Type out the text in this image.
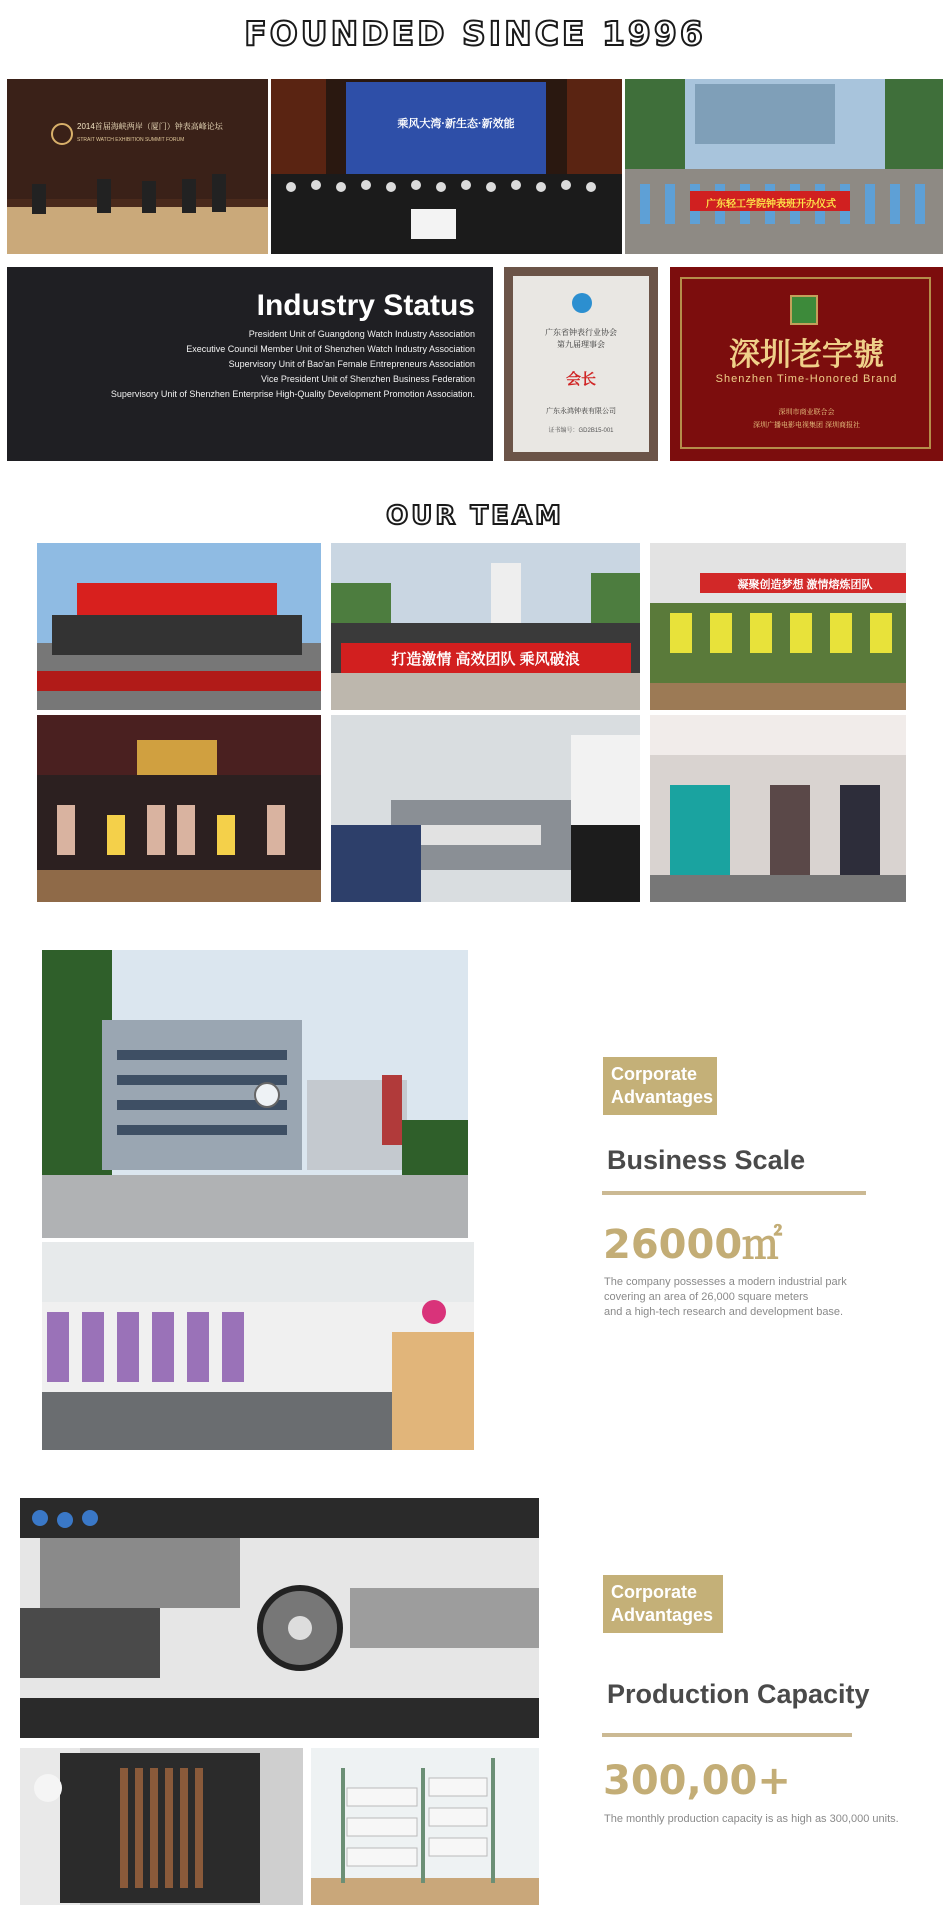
FOUNDED SINCE 1996
2014首届海峡两岸（厦门）钟表高峰论坛
STRAIT WATCH EXHIBITION SUMMIT FORUM
乘风大湾·新生态·新效能
广东轻工学院钟表班开办仪式
Industry Status
President Unit of Guangdong Watch Industry Association
Executive Council Member Unit of Shenzhen Watch Industry Association
Supervisory Unit of Bao'an Female Entrepreneurs Association
Vice President Unit of Shenzhen Business Federation
Supervisory Unit of Shenzhen Enterprise High-Quality Development Promotion Association.
广东省钟表行业协会
第九届理事会
会长
广东永鸿钟表有限公司
证书编号：GD2B15-001
深圳老字號
Shenzhen Time-Honored Brand
深圳市商业联合会
深圳广播电影电视集团 深圳商报社
OUR TEAM
打造激情 高效团队 乘风破浪
凝聚创造梦想 激情熔炼团队
Corporate Advantages
Business Scale
26000㎡
The company possesses a modern industrial park
covering an area of 26,000 square meters
and a high-tech research and development base.
Corporate Advantages
Production Capacity
300,00+
The monthly production capacity is as high as 300,000 units.
